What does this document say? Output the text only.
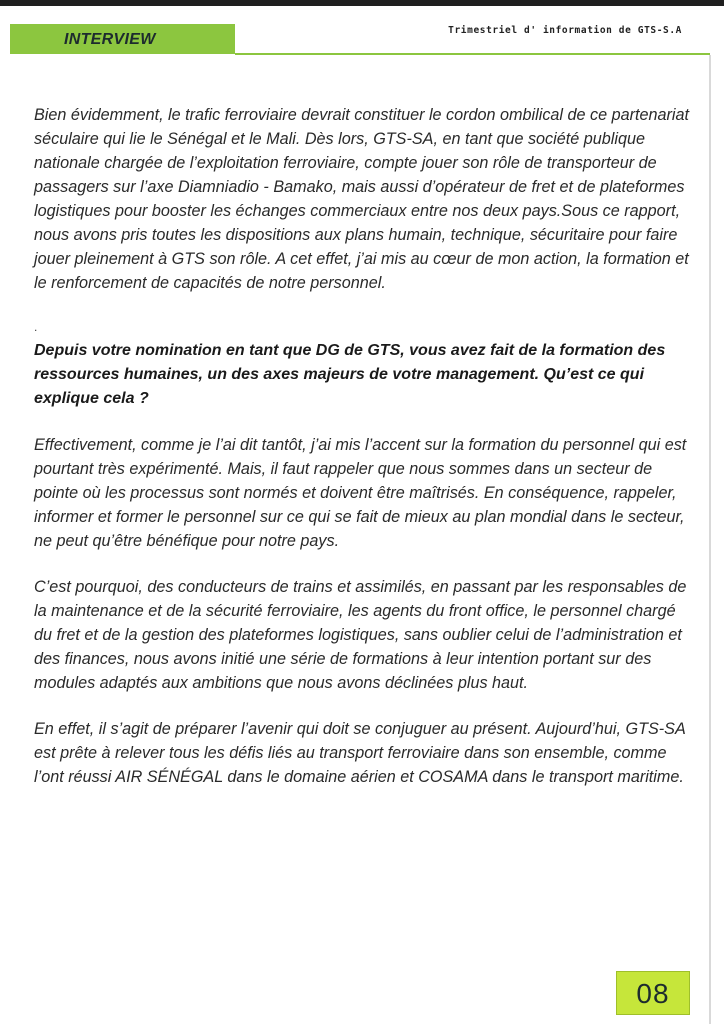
INTERVIEW
Trimestriel d' information de GTS-S.A

Bien évidemment, le trafic ferroviaire devrait constituer le cordon ombilical de ce partenariat séculaire qui lie le Sénégal et le Mali. Dès lors, GTS-SA, en tant que société publique nationale chargée de l’exploitation ferroviaire, compte jouer son rôle de transporteur de passagers sur l’axe Diamniadio - Bamako, mais aussi d’opérateur de fret et de plateformes logistiques pour booster les échanges commerciaux entre nos deux pays.Sous ce rapport, nous avons pris toutes les dispositions aux plans humain, technique, sécuritaire pour faire jouer pleinement à GTS son rôle. A cet effet, j’ai mis au cœur de mon action, la formation et le renforcement de capacités de notre personnel.

.

Depuis votre nomination en tant que DG de GTS, vous avez fait de la formation des ressources humaines, un des axes majeurs de votre management. Qu’est ce qui explique cela ?

Effectivement, comme je l’ai dit tantôt, j’ai mis l’accent sur la formation du personnel qui est pourtant très expérimenté. Mais, il faut rappeler que nous sommes dans un secteur de pointe où les processus sont normés et doivent être maîtrisés. En conséquence, rappeler, informer et former le personnel sur ce qui se fait de mieux au plan mondial dans le secteur, ne peut qu’être bénéfique pour notre pays.

C’est pourquoi, des conducteurs de trains et assimilés, en passant par les responsables de la maintenance et de la sécurité ferroviaire, les agents du front office, le personnel chargé du fret et de la gestion des plateformes logistiques, sans oublier celui de l’administration et des finances, nous avons initié une série de formations à leur intention portant sur des modules adaptés aux ambitions que nous avons déclinées plus haut.

En effet, il s’agit de préparer l’avenir qui doit se conjuguer au présent. Aujourd’hui, GTS-SA est prête à relever tous les défis liés au transport ferroviaire dans son ensemble, comme l’ont réussi AIR SÉNÉGAL dans le domaine aérien et COSAMA dans le transport maritime.

08
